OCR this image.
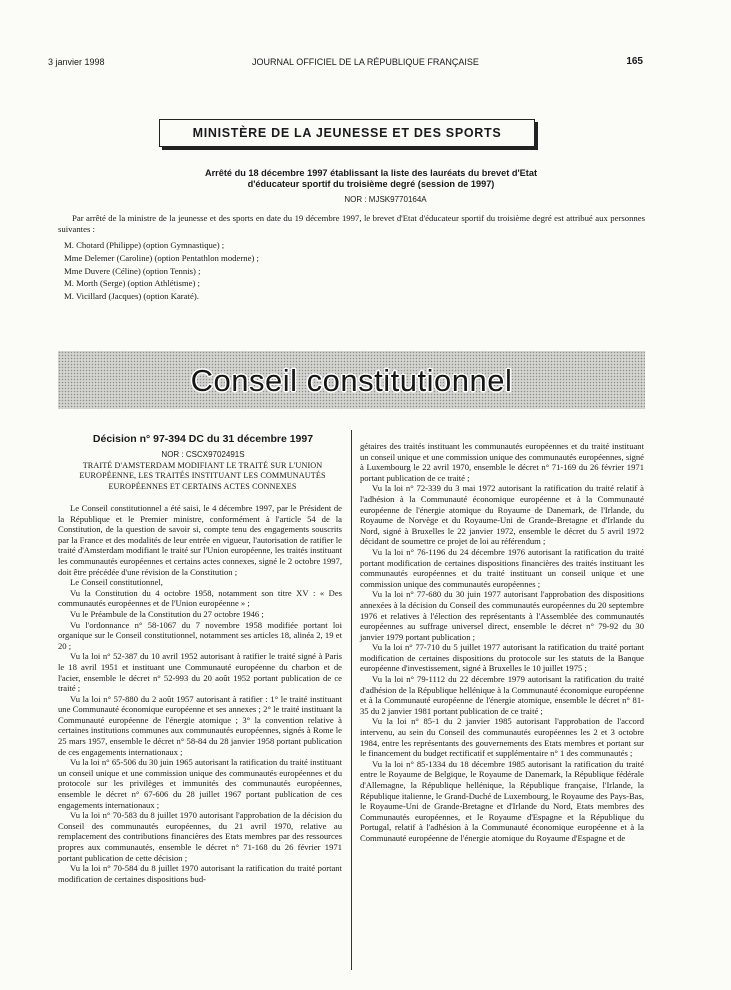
3 janvier 1998	JOURNAL OFFICIEL DE LA RÉPUBLIQUE FRANÇAISE	165
MINISTÈRE DE LA JEUNESSE ET DES SPORTS
Arrêté du 18 décembre 1997 établissant la liste des lauréats du brevet d'Etat
d'éducateur sportif du troisième degré (session de 1997)
NOR : MJSK9770164A
Par arrêté de la ministre de la jeunesse et des sports en date du 19 décembre 1997, le brevet d'Etat d'éducateur sportif du troisième degré est attribué aux personnes suivantes :
M. Chotard (Philippe) (option Gymnastique) ;
Mme Delemer (Caroline) (option Pentathlon moderne) ;
Mme Duvere (Céline) (option Tennis) ;
M. Morth (Serge) (option Athlétisme) ;
M. Vicillard (Jacques) (option Karaté).
Conseil constitutionnel
Décision n° 97-394 DC du 31 décembre 1997
NOR : CSCX9702491S
TRAITÉ D'AMSTERDAM MODIFIANT LE TRAITÉ SUR L'UNION
EUROPÉENNE, LES TRAITÉS INSTITUANT LES COMMUNAUTÉS
EUROPÉENNES ET CERTAINS ACTES CONNEXES

Le Conseil constitutionnel a été saisi, le 4 décembre 1997, par le Président de la République et le Premier ministre, conformément à l'article 54 de la Constitution, de la question de savoir si, compte tenu des engagements souscrits par la France et des modalités de leur entrée en vigueur, l'autorisation de ratifier le traité d'Amsterdam modifiant le traité sur l'Union européenne, les traités instituant les communautés européennes et certains actes connexes, signé le 2 octobre 1997, doit être précédée d'une révision de la Constitution ;

Le Conseil constitutionnel,

Vu la Constitution du 4 octobre 1958, notamment son titre XV : « Des communautés européennes et de l'Union européenne » ;

Vu le Préambule de la Constitution du 27 octobre 1946 ;

Vu l'ordonnance n° 58-1067 du 7 novembre 1958 modifiée portant loi organique sur le Conseil constitutionnel, notamment ses articles 18, alinéa 2, 19 et 20 ;

Vu la loi n° 52-387 du 10 avril 1952 autorisant à ratifier le traité signé à Paris le 18 avril 1951 et instituant une Communauté européenne du charbon et de l'acier, ensemble le décret n° 52-993 du 20 août 1952 portant publication de ce traité ;

Vu la loi n° 57-880 du 2 août 1957 autorisant à ratifier : 1° le traité instituant une Communauté économique européenne et ses annexes ; 2° le traité instituant la Communauté européenne de l'énergie atomique ; 3° la convention relative à certaines institutions communes aux communautés européennes, signés à Rome le 25 mars 1957, ensemble le décret n° 58-84 du 28 janvier 1958 portant publication de ces engagements internationaux ;

Vu la loi n° 65-506 du 30 juin 1965 autorisant la ratification du traité instituant un conseil unique et une commission unique des communautés européennes et du protocole sur les privilèges et immunités des communautés européennes, ensemble le décret n° 67-606 du 28 juillet 1967 portant publication de ces engagements internationaux ;

Vu la loi n° 70-583 du 8 juillet 1970 autorisant l'approbation de la décision du Conseil des communautés européennes, du 21 avril 1970, relative au remplacement des contributions financières des Etats membres par des ressources propres aux communautés, ensemble le décret n° 71-168 du 26 février 1971 portant publication de cette décision ;

Vu la loi n° 70-584 du 8 juillet 1970 autorisant la ratification du traité portant modification de certaines dispositions bud-

gétaires des traités instituant les communautés européennes et du traité instituant un conseil unique et une commission unique des communautés européennes, signé à Luxembourg le 22 avril 1970, ensemble le décret n° 71-169 du 26 février 1971 portant publication de ce traité ;

Vu la loi n° 72-339 du 3 mai 1972 autorisant la ratification du traité relatif à l'adhésion à la Communauté économique européenne et à la Communauté européenne de l'énergie atomique du Royaume de Danemark, de l'Irlande, du Royaume de Norvège et du Royaume-Uni de Grande-Bretagne et d'Irlande du Nord, signé à Bruxelles le 22 janvier 1972, ensemble le décret du 5 avril 1972 décidant de soumettre ce projet de loi au référendum ;

Vu la loi n° 76-1196 du 24 décembre 1976 autorisant la ratification du traité portant modification de certaines dispositions financières des traités instituant les communautés européennes et du traité instituant un conseil unique et une commission unique des communautés européennes ;

Vu la loi n° 77-680 du 30 juin 1977 autorisant l'approbation des dispositions annexées à la décision du Conseil des communautés européennes du 20 septembre 1976 et relatives à l'élection des représentants à l'Assemblée des communautés européennes au suffrage universel direct, ensemble le décret n° 79-92 du 30 janvier 1979 portant publication ;

Vu la loi n° 77-710 du 5 juillet 1977 autorisant la ratification du traité portant modification de certaines dispositions du protocole sur les statuts de la Banque européenne d'investissement, signé à Bruxelles le 10 juillet 1975 ;

Vu la loi n° 79-1112 du 22 décembre 1979 autorisant la ratification du traité d'adhésion de la République hellénique à la Communauté économique européenne et à la Communauté européenne de l'énergie atomique, ensemble le décret n° 81-35 du 2 janvier 1981 portant publication de ce traité ;

Vu la loi n° 85-1 du 2 janvier 1985 autorisant l'approbation de l'accord intervenu, au sein du Conseil des communautés européennes les 2 et 3 octobre 1984, entre les représentants des gouvernements des Etats membres et portant sur le financement du budget rectificatif et supplémentaire n° 1 des communautés ;

Vu la loi n° 85-1334 du 18 décembre 1985 autorisant la ratification du traité entre le Royaume de Belgique, le Royaume de Danemark, la République fédérale d'Allemagne, la République hellénique, la République française, l'Irlande, la République italienne, le Grand-Duché de Luxembourg, le Royaume des Pays-Bas, le Royaume-Uni de Grande-Bretagne et d'Irlande du Nord, Etats membres des Communautés européennes, et le Royaume d'Espagne et la République du Portugal, relatif à l'adhésion à la Communauté économique européenne et à la Communauté européenne de l'énergie atomique du Royaume d'Espagne et de
